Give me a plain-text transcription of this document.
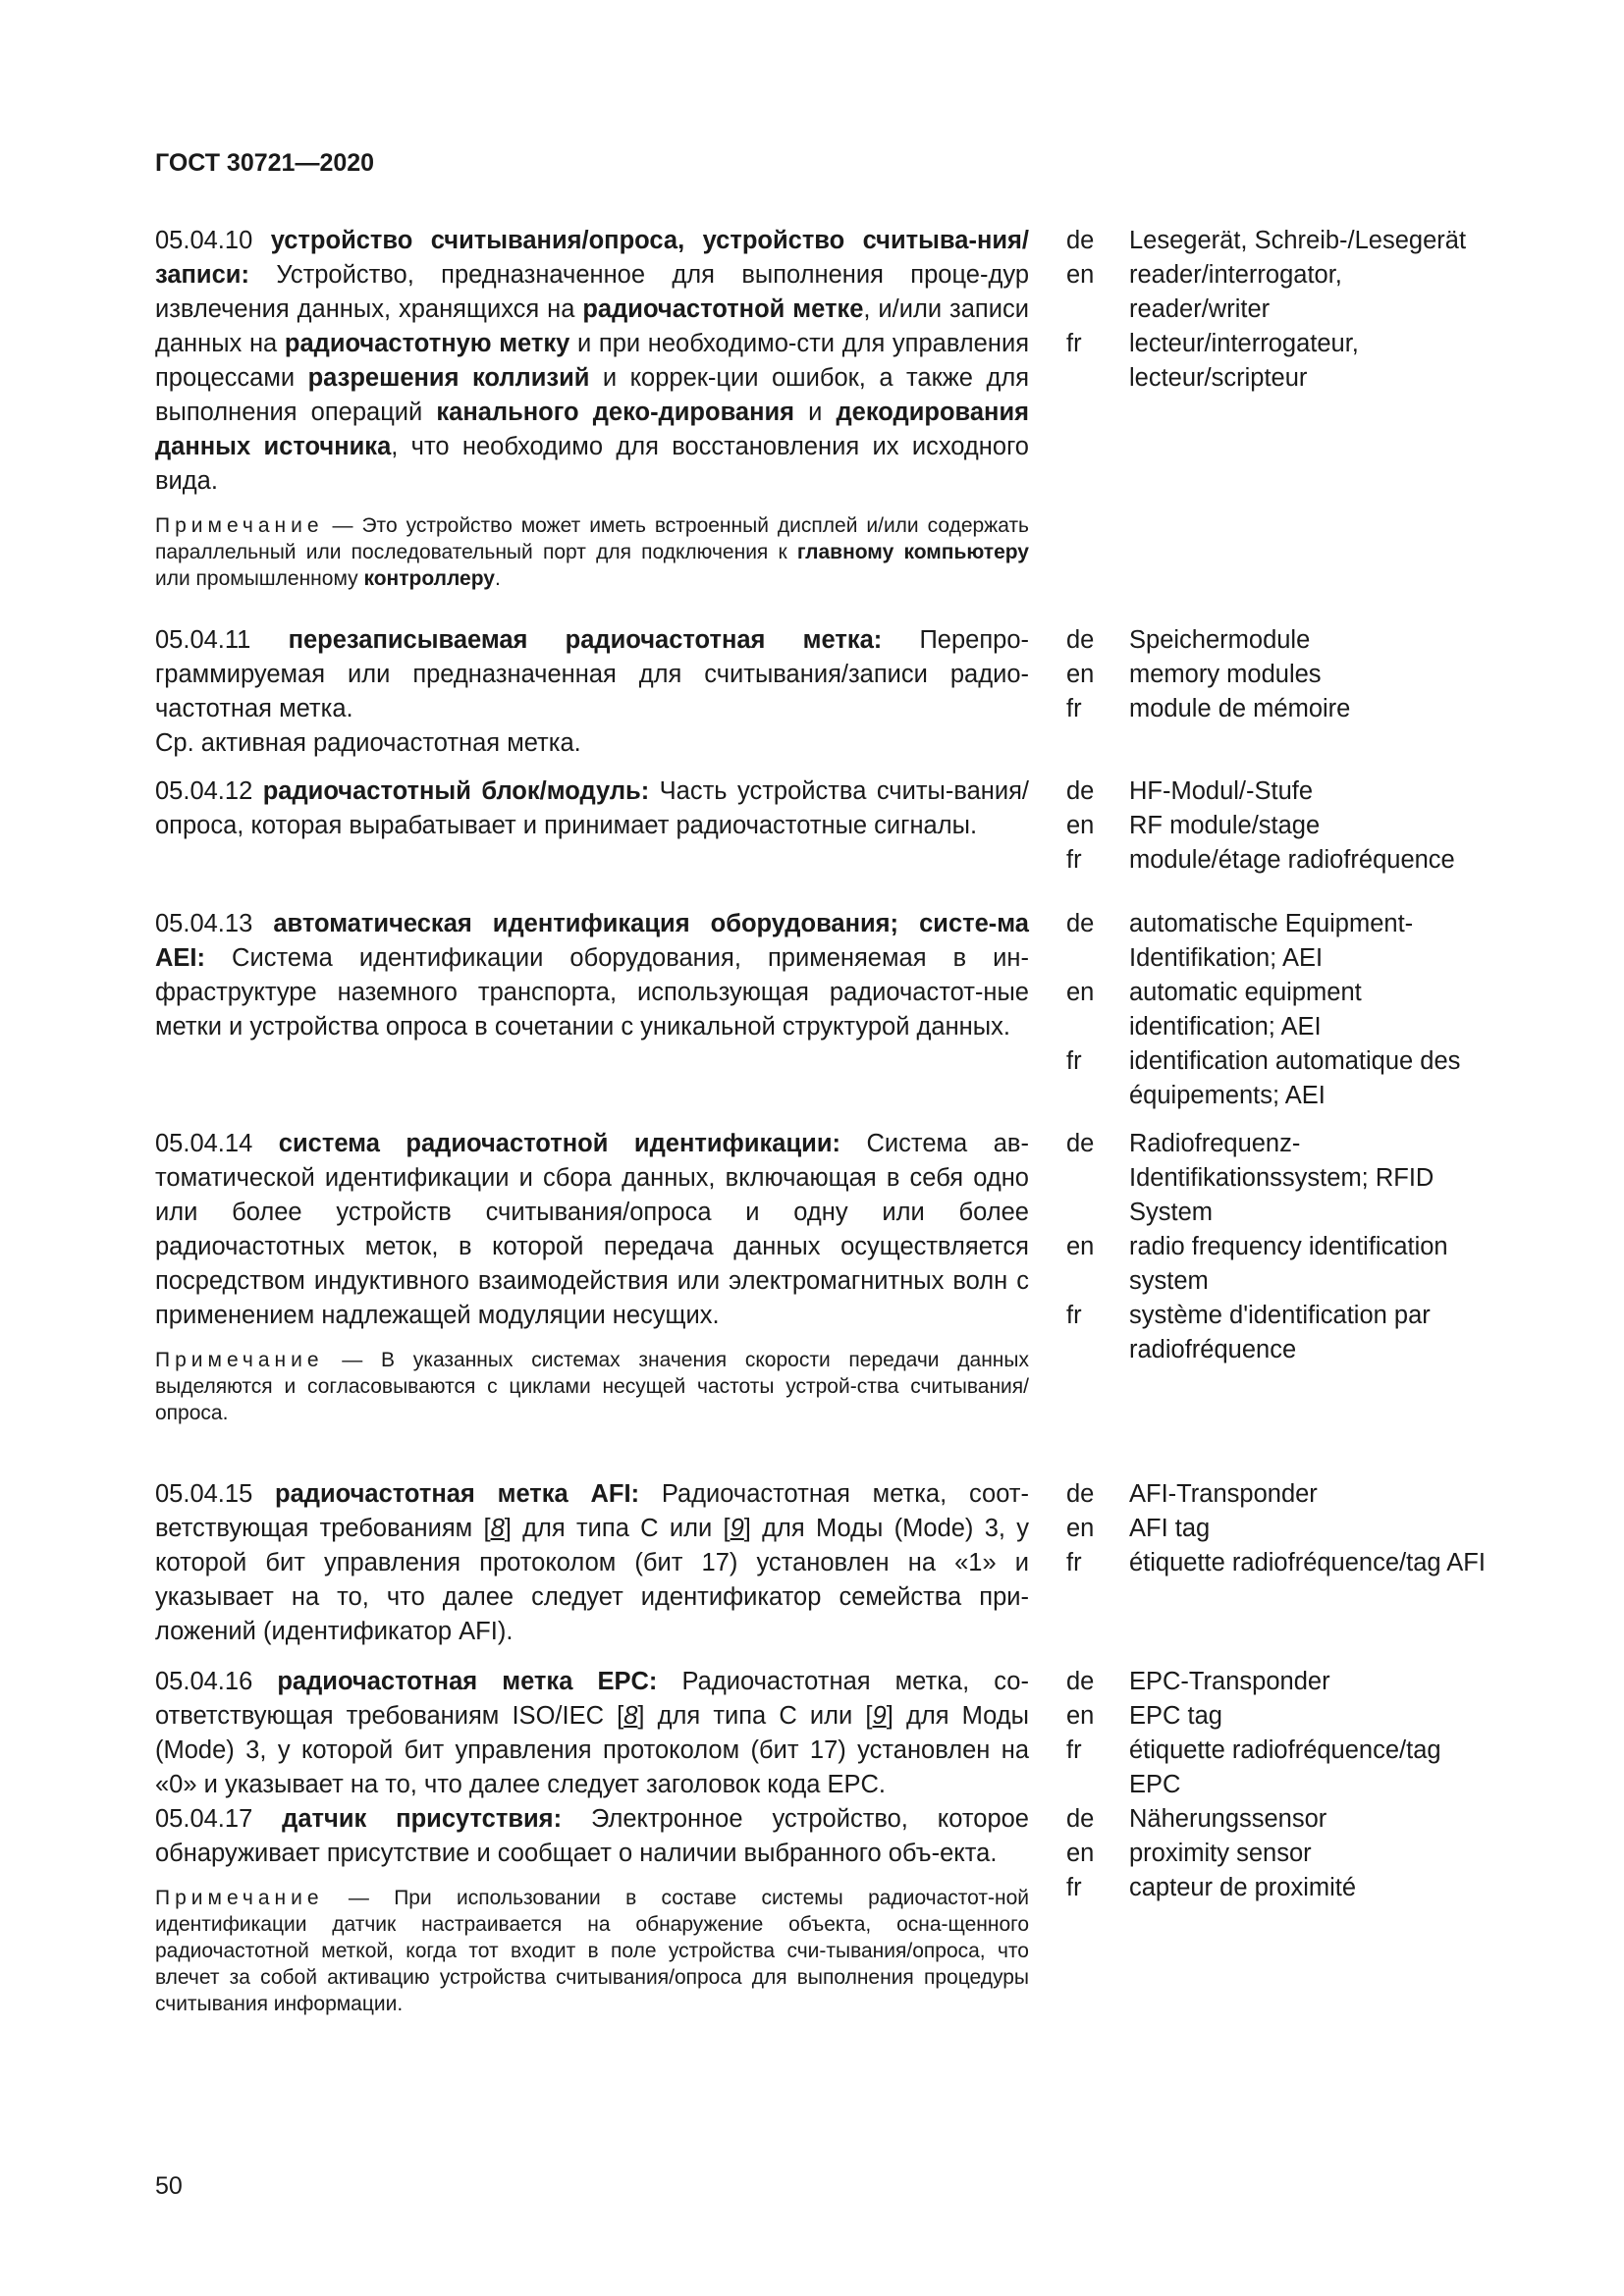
ГОСТ 30721—2020

05.04.10 устройство считывания/опроса, устройство считыва-ния/записи: Устройство, предназначенное для выполнения проце-дур извлечения данных, хранящихся на радиочастотной метке, и/или записи данных на радиочастотную метку и при необходимо-сти для управления процессами разрешения коллизий и коррек-ции ошибок, а также для выполнения операций канального деко-дирования и декодирования данных источника, что необходимо для восстановления их исходного вида.

Примечание — Это устройство может иметь встроенный дисплей и/или содержать параллельный или последовательный порт для подключения к главному компьютеру или промышленному контроллеру.

de	Lesegerät, Schreib-/Lesegerät
en	reader/interrogator, reader/writer
fr	lecteur/interrogateur, lecteur/scripteur

05.04.11 перезаписываемая радиочастотная метка: Перепро-граммируемая или предназначенная для считывания/записи радио-частотная метка.
Ср. активная радиочастотная метка.

de	Speichermodule
en	memory modules
fr	module de mémoire

05.04.12 радиочастотный блок/модуль: Часть устройства считы-вания/опроса, которая вырабатывает и принимает радиочастотные сигналы.

de	HF-Modul/-Stufe
en	RF module/stage
fr	module/étage radiofréquence

05.04.13 автоматическая идентификация оборудования; систе-ма AEI: Система идентификации оборудования, применяемая в ин-фраструктуре наземного транспорта, использующая радиочастот-ные метки и устройства опроса в сочетании с уникальной структурой данных.

de	automatische Equipment-Identifikation; AEI
en	automatic equipment identification; AEI
fr	identification automatique des équipements; AEI

05.04.14 система радиочастотной идентификации: Система ав-томатической идентификации и сбора данных, включающая в себя одно или более устройств считывания/опроса и одну или более радиочастотных меток, в которой передача данных осуществляется посредством индуктивного взаимодействия или электромагнитных волн с применением надлежащей модуляции несущих.

Примечание — В указанных системах значения скорости передачи данных выделяются и согласовываются с циклами несущей частоты устрой-ства считывания/опроса.

de	Radiofrequenz-Identifikationssystem; RFID System
en	radio frequency identification system
fr	système d'identification par radiofréquence

05.04.15 радиочастотная метка AFI: Радиочастотная метка, соот-ветствующая требованиям [8] для типа С или [9] для Моды (Mode) 3, у которой бит управления протоколом (бит 17) установлен на «1» и указывает на то, что далее следует идентификатор семейства при-ложений (идентификатор AFI).

de	AFI-Transponder
en	AFI tag
fr	étiquette radiofréquence/tag AFI

05.04.16 радиочастотная метка EPC: Радиочастотная метка, со-ответствующая требованиям ISO/IEC [8] для типа С или [9] для Моды (Mode) 3, у которой бит управления протоколом (бит 17) установлен на «0» и указывает на то, что далее следует заголовок кода EPC.

de	EPC-Transponder
en	EPC tag
fr	étiquette radiofréquence/tag EPC

05.04.17 датчик присутствия: Электронное устройство, которое обнаруживает присутствие и сообщает о наличии выбранного объ-екта.

Примечание — При использовании в составе системы радиочастот-ной идентификации датчик настраивается на обнаружение объекта, осна-щенного радиочастотной меткой, когда тот входит в поле устройства счи-тывания/опроса, что влечет за собой активацию устройства считывания/опроса для выполнения процедуры считывания информации.

de	Näherungssensor
en	proximity sensor
fr	capteur de proximité
50
